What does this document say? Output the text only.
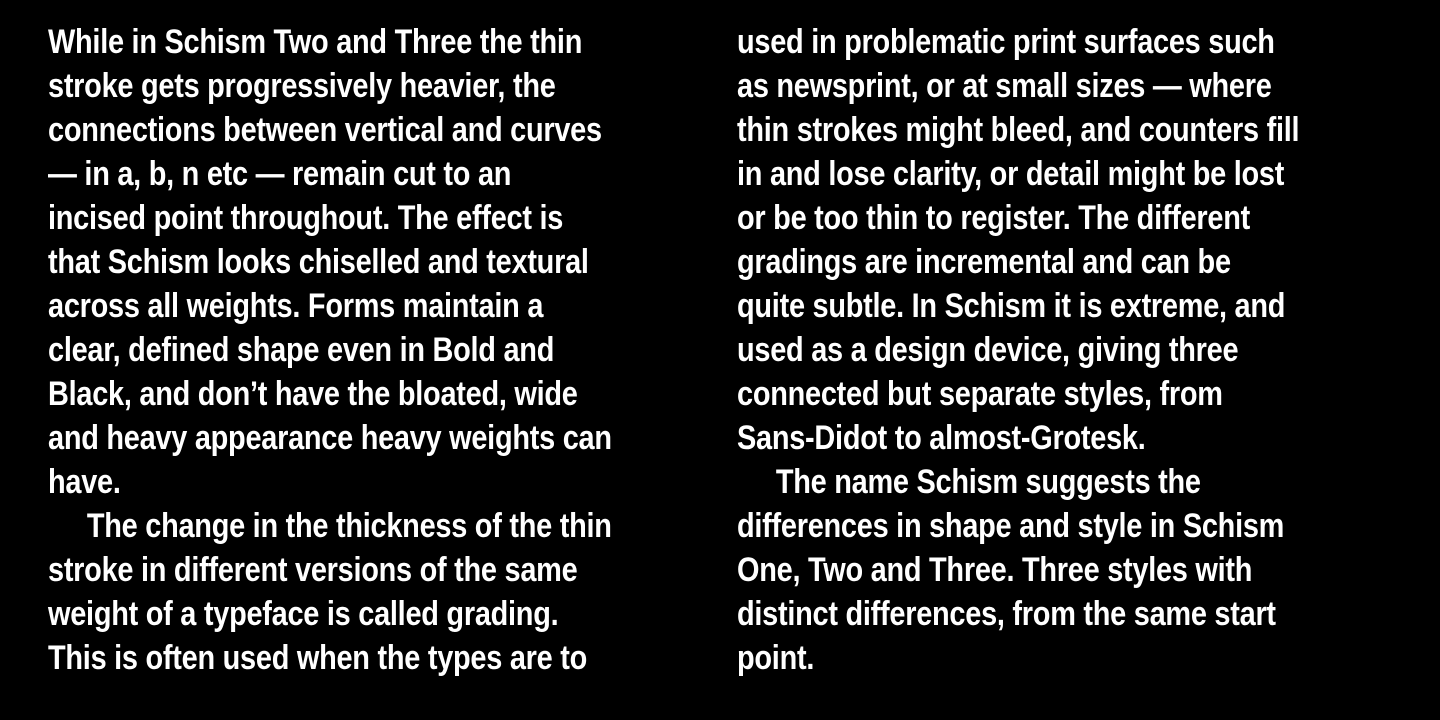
While in Schism Two and Three the thin
stroke gets progressively heavier, the
connections between vertical and curves
— in a, b, n etc — remain cut to an
incised point throughout. The effect is
that Schism looks chiselled and textural
across all weights. Forms maintain a
clear, defined shape even in Bold and
Black, and don’t have the bloated, wide
and heavy appearance heavy weights can
have.
The change in the thickness of the thin
stroke in different versions of the same
weight of a typeface is called grading.
This is often used when the types are to
used in problematic print surfaces such
as newsprint, or at small sizes — where
thin strokes might bleed, and counters fill
in and lose clarity, or detail might be lost
or be too thin to register. The different
gradings are incremental and can be
quite subtle. In Schism it is extreme, and
used as a design device, giving three
connected but separate styles, from
Sans-Didot to almost-Grotesk.
The name Schism suggests the
differences in shape and style in Schism
One, Two and Three. Three styles with
distinct differences, from the same start
point.
